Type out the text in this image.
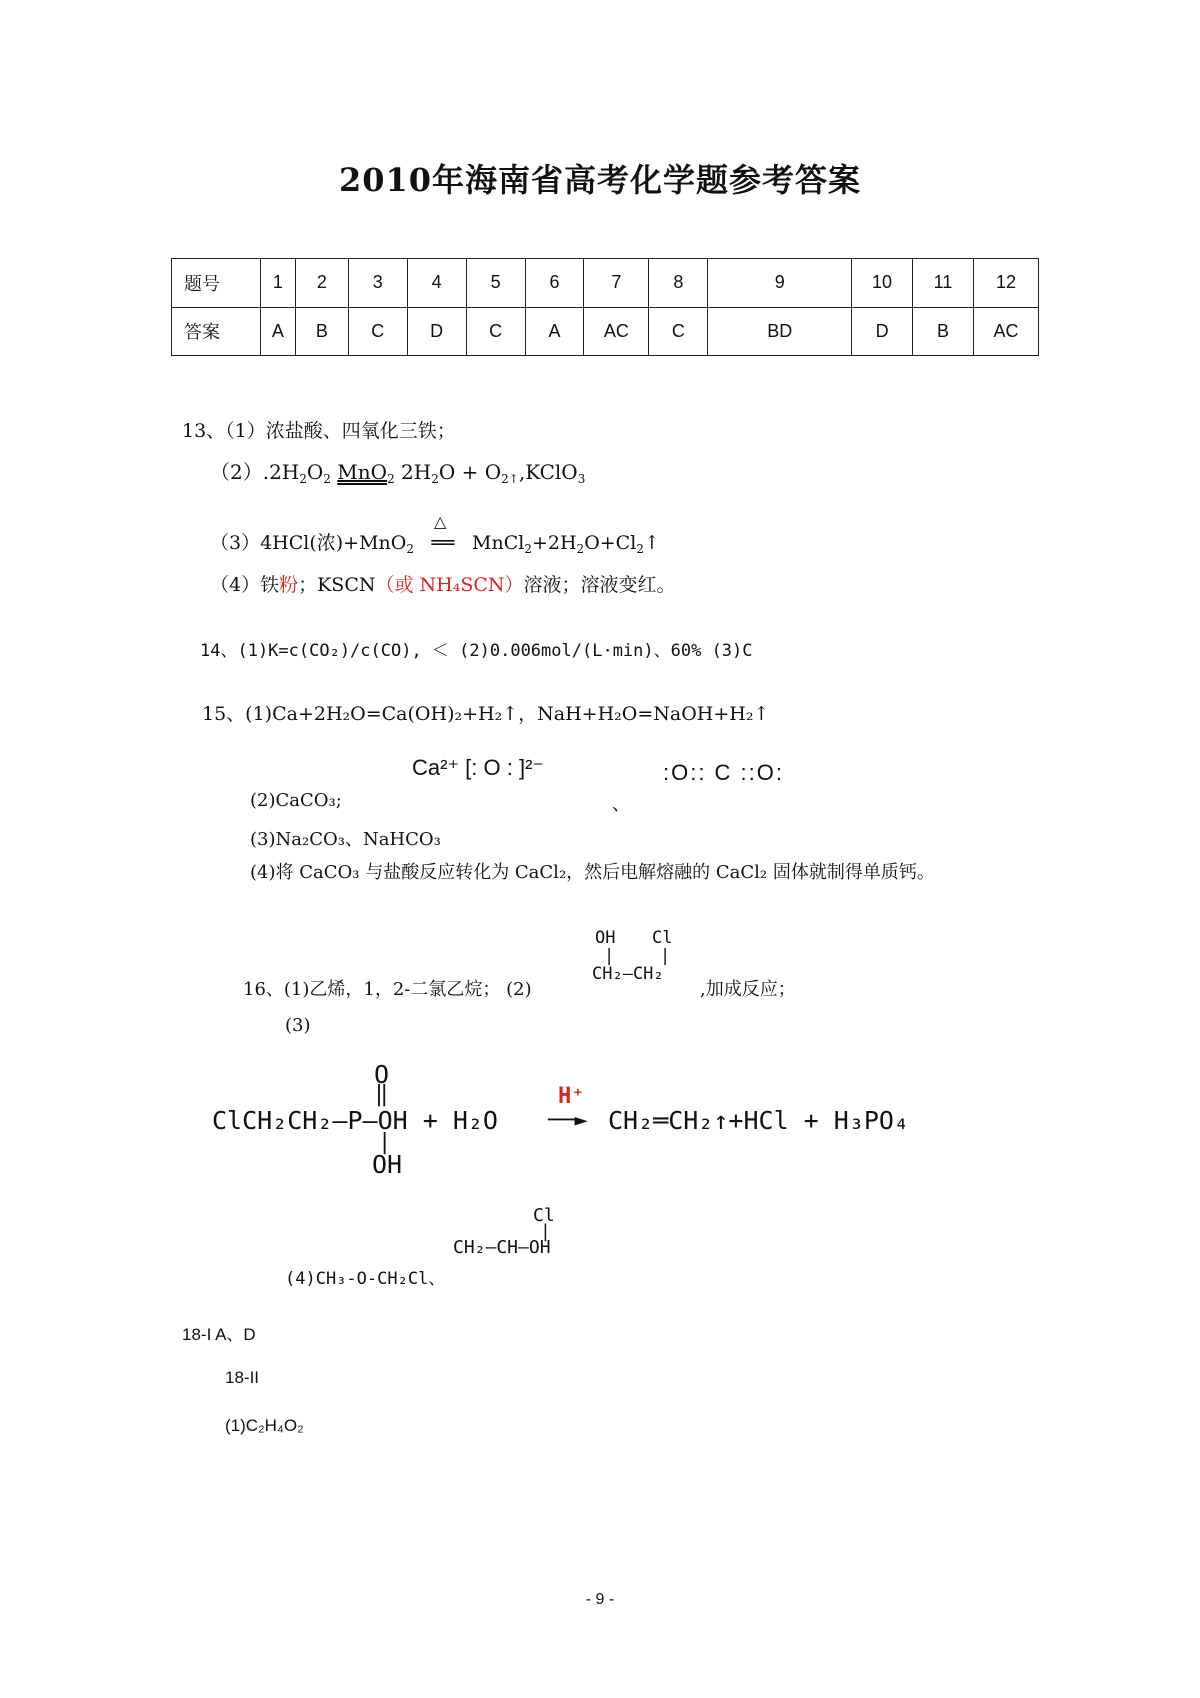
2010年海南省高考化学题参考答案
题号	1	2	3	4	5	6	7	8	9	10	11	12
答案	A	B	C	D	C	A	AC	C	BD	D	B	AC
13、（1）浓盐酸、四氧化三铁；
$(2).2H_2O_2$ MnO$_2$ $2H_2O$ + $O_{2↑},KClO_3$
（3）4HCl(浓)+MnO$_2$
△
══ $MnCl_2+2H_2O+Cl_2↑$
（4）铁粉；KSCN（或 NH₄SCN）溶液；溶液变红。
14、(1)K=c(CO₂)/c(CO), ＜ (2)0.006mol/(L·min)、60% (3)C
15、(1)Ca+2H₂O=Ca(OH)₂+H₂↑，NaH+H₂O=NaOH+H₂↑
Ca²⁺ [: O : ]²⁻	:O:: C ::O:
(2)CaCO₃;	、
(3)Na₂CO₃、NaHCO₃
(4)将 CaCO₃ 与盐酸反应转化为 CaCl₂，然后电解熔融的 CaCl₂ 固体就制得单质钙。
16、(1)乙烯，1，2-二氯乙烷； (2)
OH Cl
|	|
CH₂—CH₂
,加成反应；
(3)
O
‖
ClCH₂CH₂—P—OH + H₂O
|
OH
H⁺
──► CH₂═CH₂↑+HCl + H₃PO₄
Cl
|
CH₂—CH—OH
(4)CH₃-O-CH₂Cl、
18-I A、D
18-II
(1)C₂H₄O₂
- 9 -
